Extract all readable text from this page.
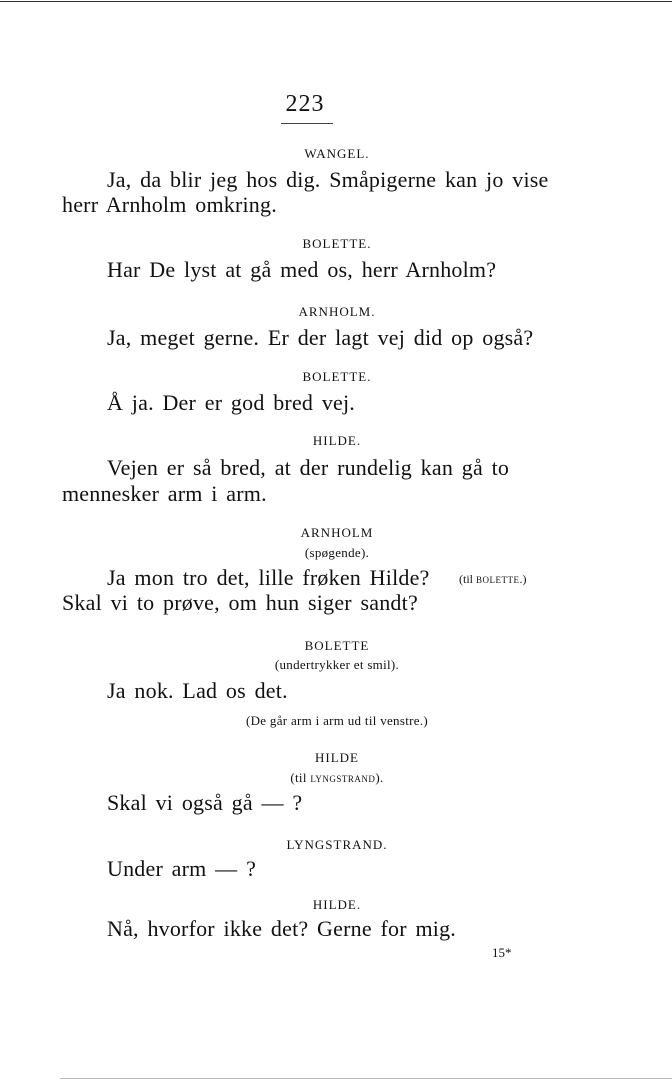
223
WANGEL.
Ja, da blir jeg hos dig. Småpigerne kan jo vise
herr Arnholm omkring.
BOLETTE.
Har De lyst at gå med os, herr Arnholm?
ARNHOLM.
Ja, meget gerne. Er der lagt vej did op også?
BOLETTE.
Å ja. Der er god bred vej.
HILDE.
Vejen er så bred, at der rundelig kan gå to
mennesker arm i arm.
ARNHOLM
(spøgende).
Ja mon tro det, lille frøken Hilde? (til BOLETTE.)
Skal vi to prøve, om hun siger sandt?
BOLETTE
(undertrykker et smil).
Ja nok. Lad os det.
(De går arm i arm ud til venstre.)
HILDE
(til LYNGSTRAND).
Skal vi også gå — ?
LYNGSTRAND.
Under arm — ?
HILDE.
Nå, hvorfor ikke det? Gerne for mig.
15*
